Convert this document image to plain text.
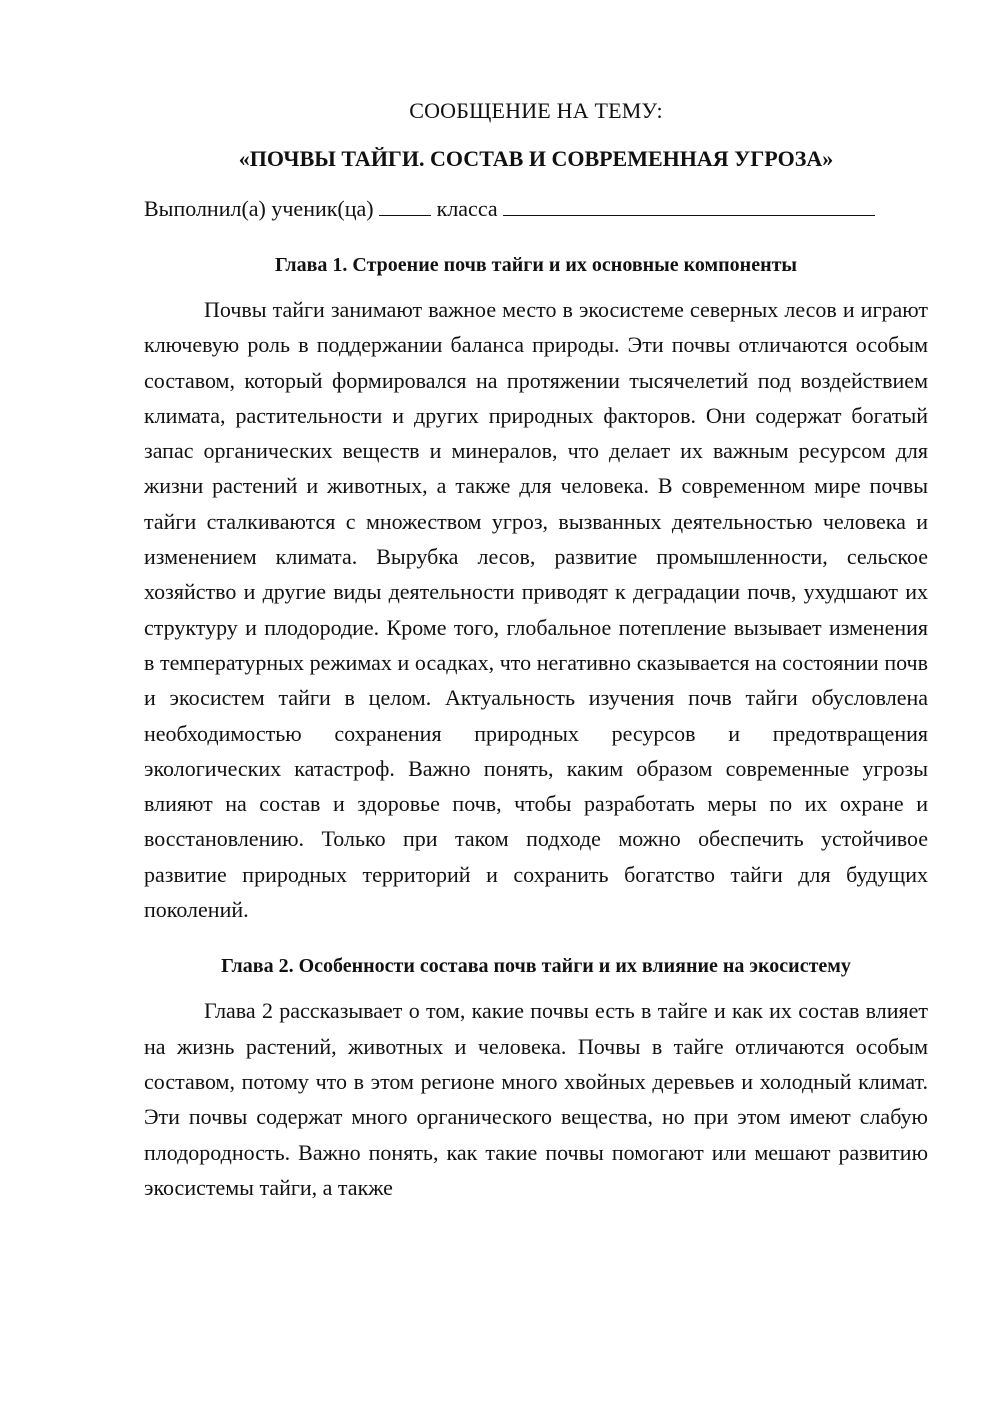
СООБЩЕНИЕ НА ТЕМУ:

«ПОЧВЫ ТАЙГИ. СОСТАВ И СОВРЕМЕННАЯ УГРОЗА»

Выполнил(а) ученик(ца)	класса

Глава 1. Строение почв тайги и их основные компоненты

Почвы тайги занимают важное место в экосистеме северных лесов и играют ключевую роль в поддержании баланса природы. Эти почвы отличаются особым составом, который формировался на протяжении тысячелетий под воздействием климата, растительности и других природных факторов. Они содержат богатый запас органических веществ и минералов, что делает их важным ресурсом для жизни растений и животных, а также для человека. В современном мире почвы тайги сталкиваются с множеством угроз, вызванных деятельностью человека и изменением климата. Вырубка лесов, развитие промышленности, сельское хозяйство и другие виды деятельности приводят к деградации почв, ухудшают их структуру и плодородие. Кроме того, глобальное потепление вызывает изменения в температурных режимах и осадках, что негативно сказывается на состоянии почв и экосистем тайги в целом. Актуальность изучения почв тайги обусловлена необходимостью сохранения природных ресурсов и предотвращения экологических катастроф. Важно понять, каким образом современные угрозы влияют на состав и здоровье почв, чтобы разработать меры по их охране и восстановлению. Только при таком подходе можно обеспечить устойчивое развитие природных территорий и сохранить богатство тайги для будущих поколений.

Глава 2. Особенности состава почв тайги и их влияние на экосистему

Глава 2 рассказывает о том, какие почвы есть в тайге и как их состав влияет на жизнь растений, животных и человека. Почвы в тайге отличаются особым составом, потому что в этом регионе много хвойных деревьев и холодный климат. Эти почвы содержат много органического вещества, но при этом имеют слабую плодородность. Важно понять, как такие почвы помогают или мешают развитию экосистемы тайги, а также
